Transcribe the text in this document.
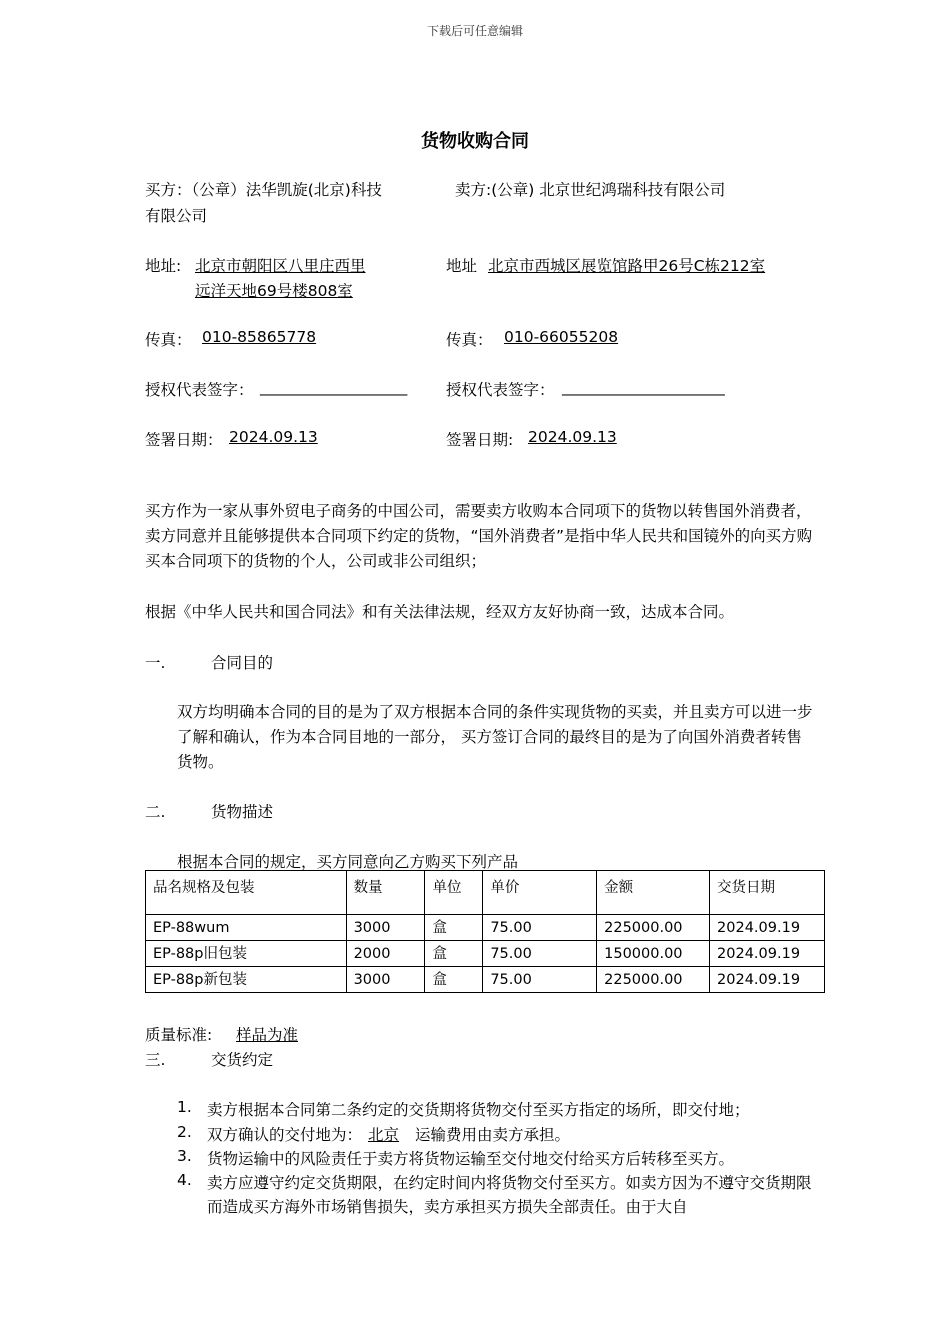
下载后可任意编辑
货物收购合同
买方：（公章）法华凯旋(北京)科技
有限公司
地址: 北京市朝阳区八里庄西里
远洋天地69号楼808室
传真： 010-85865778
授权代表签字： ___________________
签署日期： 2024.09.13
卖方:(公章) 北京世纪鸿瑞科技有限公司
地址 北京市西城区展览馆路甲26号C栋212室
传真： 010-66055208
授权代表签字： _____________________
签署日期: 2024.09.13
买方作为一家从事外贸电子商务的中国公司，需要卖方收购本合同项下的货物以转售国外消费者，卖方同意并且能够提供本合同项下约定的货物，“国外消费者”是指中华人民共和国镜外的向买方购买本合同项下的货物的个人，公司或非公司组织；
根据《中华人民共和国合同法》和有关法律法规，经双方友好协商一致，达成本合同。
一.	合同目的
双方均明确本合同的目的是为了双方根据本合同的条件实现货物的买卖，并且卖方可以进一步了解和确认，作为本合同目地的一部分， 买方签订合同的最终目的是为了向国外消费者转售货物。
二.	货物描述
根据本合同的规定，买方同意向乙方购买下列产品
品名规格及包装	数量	单位	单价	金额	交货日期
EP-88wum	3000	盒	75.00	225000.00	2024.09.19
EP-88p旧包装	2000	盒	75.00	150000.00	2024.09.19
EP-88p新包装	3000	盒	75.00	225000.00	2024.09.19
质量标准: 样品为准
三.	交货约定
1. 卖方根据本合同第二条约定的交货期将货物交付至买方指定的场所，即交付地；
2. 双方确认的交付地为： 北京 运输费用由卖方承担。
3. 货物运输中的风险责任于卖方将货物运输至交付地交付给买方后转移至买方。
4. 卖方应遵守约定交货期限，在约定时间内将货物交付至买方。如卖方因为不遵守交货期限而造成买方海外市场销售损失，卖方承担买方损失全部责任。由于大自
